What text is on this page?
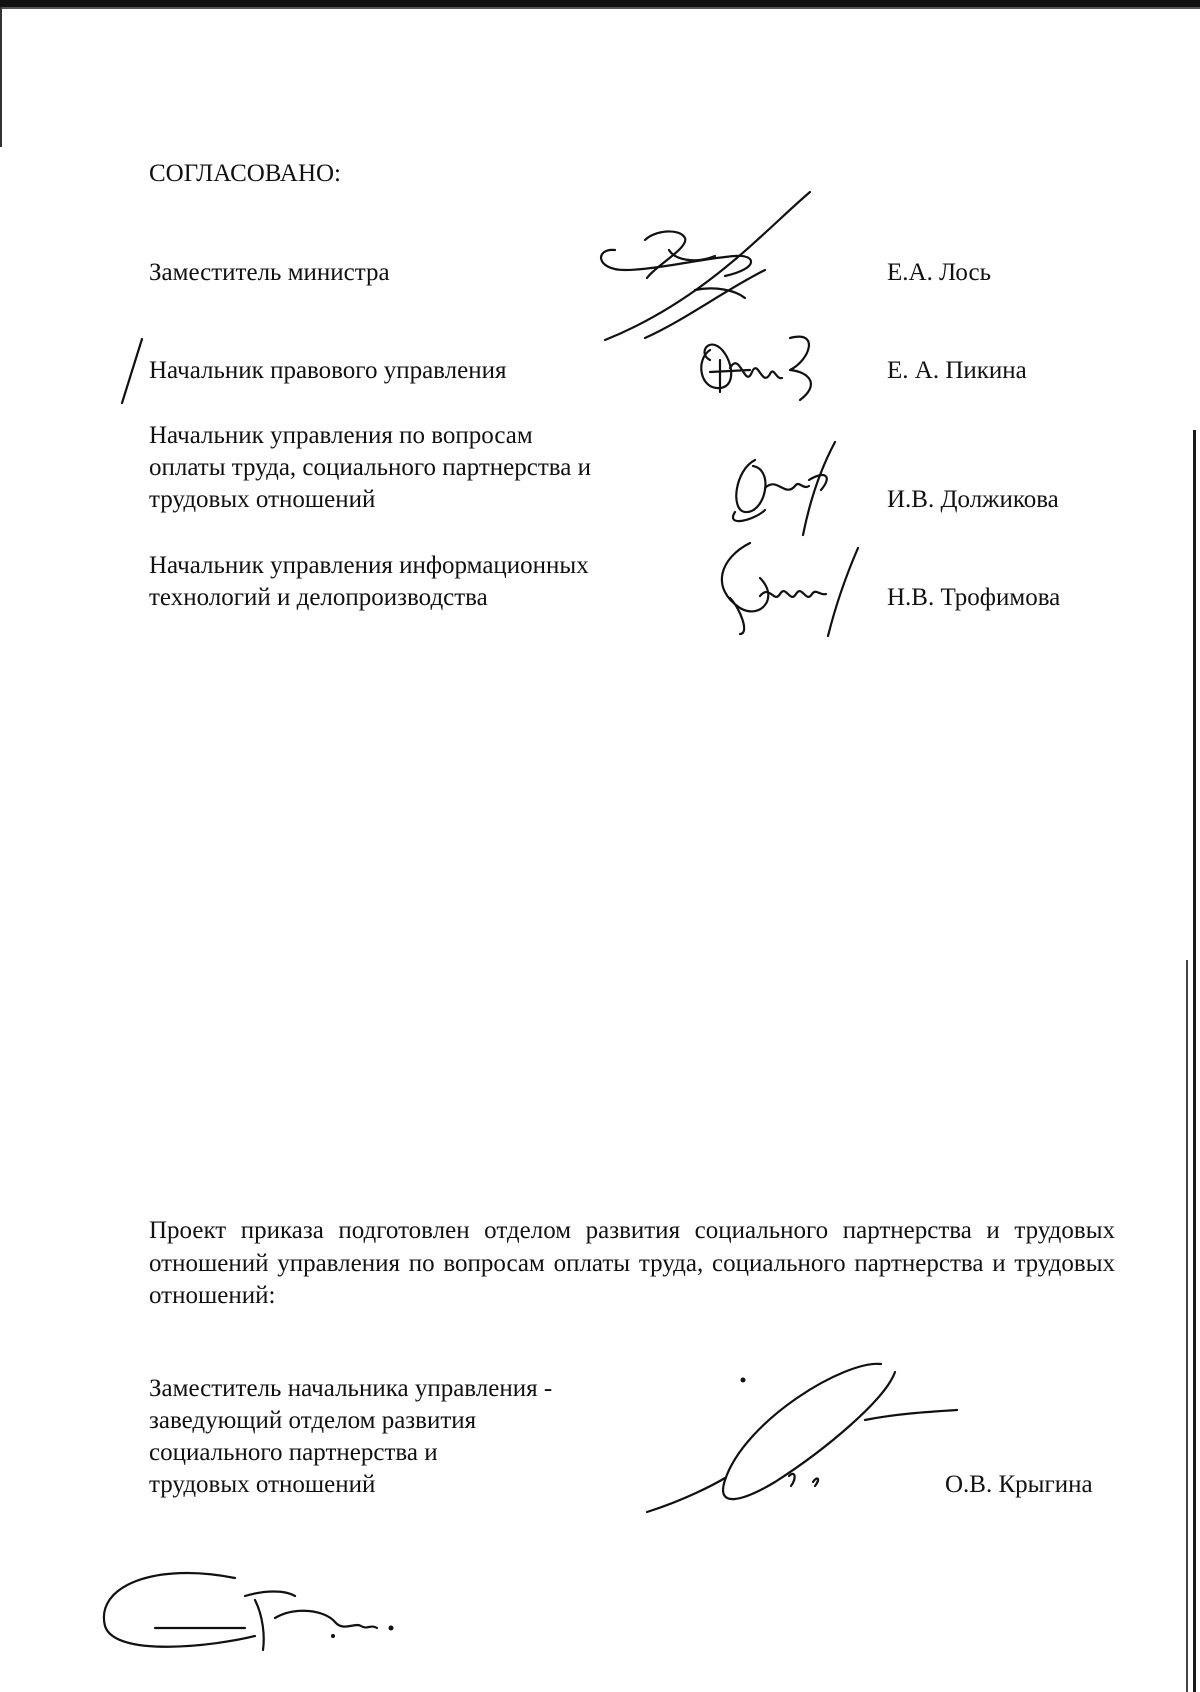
СОГЛАСОВАНО:
Заместитель министра	Е.А. Лось
Начальник правового управления	Е. А. Пикина
Начальник управления по вопросам
оплаты труда, социального партнерства и
трудовых отношений	И.В. Должикова
Начальник управления информационных
технологий и делопроизводства	Н.В. Трофимова
Проект приказа подготовлен отделом развития социального партнерства и трудовых отношений управления по вопросам оплаты труда, социального партнерства и трудовых отношений:
Заместитель начальника управления -
заведующий отделом развития
социального партнерства и
трудовых отношений	О.В. Крыгина
